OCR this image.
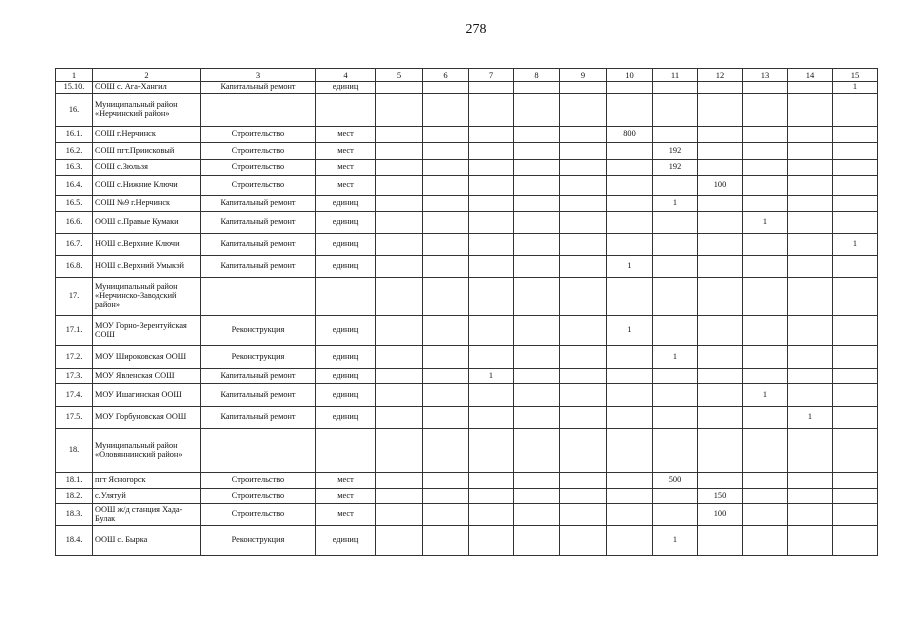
278
1	2	3	4	5	6	7	8	9	10	11	12	13	14	15
15.10.	СОШ с. Ага-Хангил	Капитальный ремонт	единиц											1
16.	Муниципальный район «Нерчинский район»													
16.1.	СОШ г.Нерчинск	Строительство	мест						800					
16.2.	СОШ пгт.Приисковый	Строительство	мест							192				
16.3.	СОШ с.Зюльзя	Строительство	мест							192				
16.4.	СОШ с.Нижние Ключи	Строительство	мест								100			
16.5.	СОШ №9 г.Нерчинск	Капитальный ремонт	единиц							1				
16.6.	ООШ с.Правые Кумаки	Капитальный ремонт	единиц									1		
16.7.	НОШ с.Верхние Ключи	Капитальный ремонт	единиц											1
16.8.	НОШ с.Верхний Умыкэй	Капитальный ремонт	единиц						1					
17.	Муниципальный район «Нерчинско-Заводский район»													
17.1.	МОУ Горно-Зерентуйская СОШ	Реконструкция	единиц						1					
17.2.	МОУ Широковская ООШ	Реконструкция	единиц							1				
17.3.	МОУ Явленская СОШ	Капитальный ремонт	единиц			1								
17.4.	МОУ Ишагинская ООШ	Капитальный ремонт	единиц									1		
17.5.	МОУ Горбуновская ООШ	Капитальный ремонт	единиц										1	
18.	Муниципальный район «Оловяннинский район»													
18.1.	пгт Ясногорск	Строительство	мест							500				
18.2.	с.Улятуй	Строительство	мест								150			
18.3.	ООШ ж/д станция Хада-Булак	Строительство	мест								100			
18.4.	ООШ с. Бырка	Реконструкция	единиц							1				
